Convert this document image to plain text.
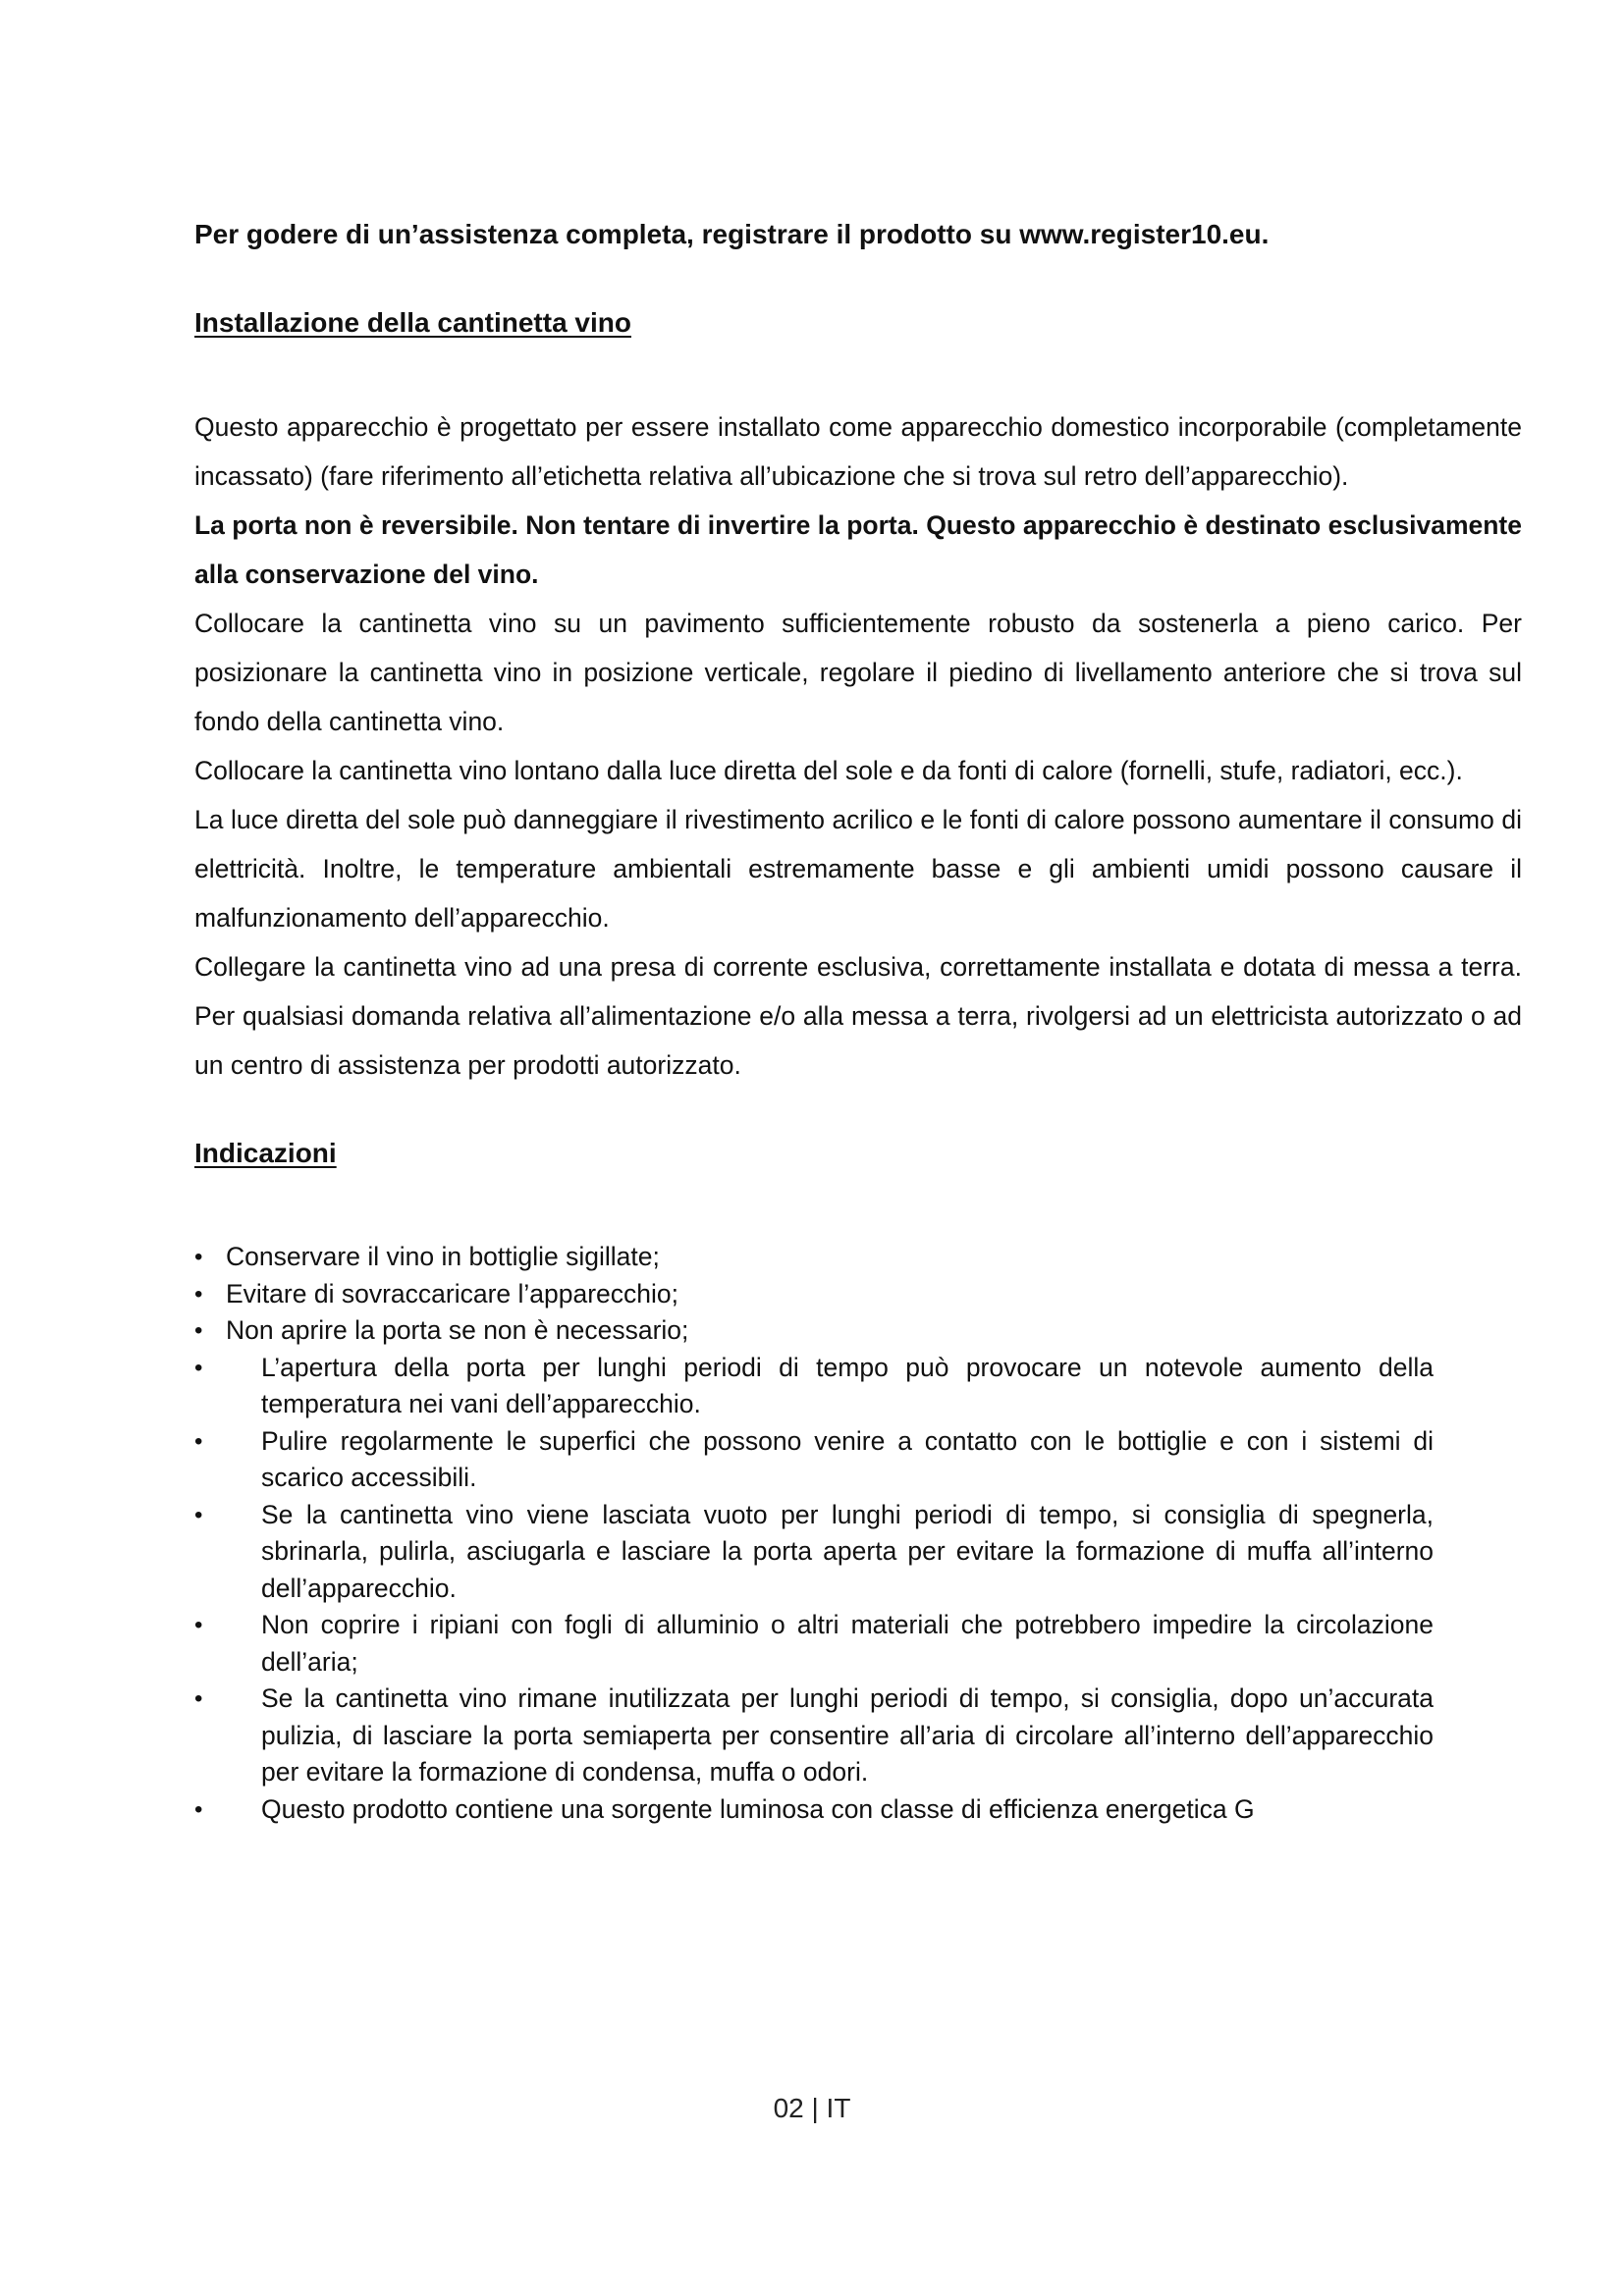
Per godere di un’assistenza completa, registrare il prodotto su www.register10.eu.

Installazione della cantinetta vino

Questo apparecchio è progettato per essere installato come apparecchio domestico incorporabile (completamente incassato) (fare riferimento all’etichetta relativa all’ubicazione che si trova sul retro dell’apparecchio).

La porta non è reversibile. Non tentare di invertire la porta. Questo apparecchio è destinato esclusivamente alla conservazione del vino.

Collocare la cantinetta vino su un pavimento sufficientemente robusto da sostenerla a pieno carico. Per posizionare la cantinetta vino in posizione verticale, regolare il piedino di livellamento anteriore che si trova sul fondo della cantinetta vino.

Collocare la cantinetta vino lontano dalla luce diretta del sole e da fonti di calore (fornelli, stufe, radiatori, ecc.).

La luce diretta del sole può danneggiare il rivestimento acrilico e le fonti di calore possono aumentare il consumo di elettricità. Inoltre, le temperature ambientali estremamente basse e gli ambienti umidi possono causare il malfunzionamento dell’apparecchio.

Collegare la cantinetta vino ad una presa di corrente esclusiva, correttamente installata e dotata di messa a terra. Per qualsiasi domanda relativa all’alimentazione e/o alla messa a terra, rivolgersi ad un elettricista autorizzato o ad un centro di assistenza per prodotti autorizzato.

Indicazioni
• Conservare il vino in bottiglie sigillate;
• Evitare di sovraccaricare l’apparecchio;
• Non aprire la porta se non è necessario;
• L’apertura della porta per lunghi periodi di tempo può provocare un notevole aumento della temperatura nei vani dell’apparecchio.
• Pulire regolarmente le superfici che possono venire a contatto con le bottiglie e con i sistemi di scarico accessibili.
• Se la cantinetta vino viene lasciata vuoto per lunghi periodi di tempo, si consiglia di spegnerla, sbrinarla, pulirla, asciugarla e lasciare la porta aperta per evitare la formazione di muffa all’interno dell’apparecchio.
• Non coprire i ripiani con fogli di alluminio o altri materiali che potrebbero impedire la circolazione dell’aria;
• Se la cantinetta vino rimane inutilizzata per lunghi periodi di tempo, si consiglia, dopo un’accurata pulizia, di lasciare la porta semiaperta per consentire all’aria di circolare all’interno dell’apparecchio per evitare la formazione di condensa, muffa o odori.
• Questo prodotto contiene una sorgente luminosa con classe di efficienza energetica G
02 | IT
